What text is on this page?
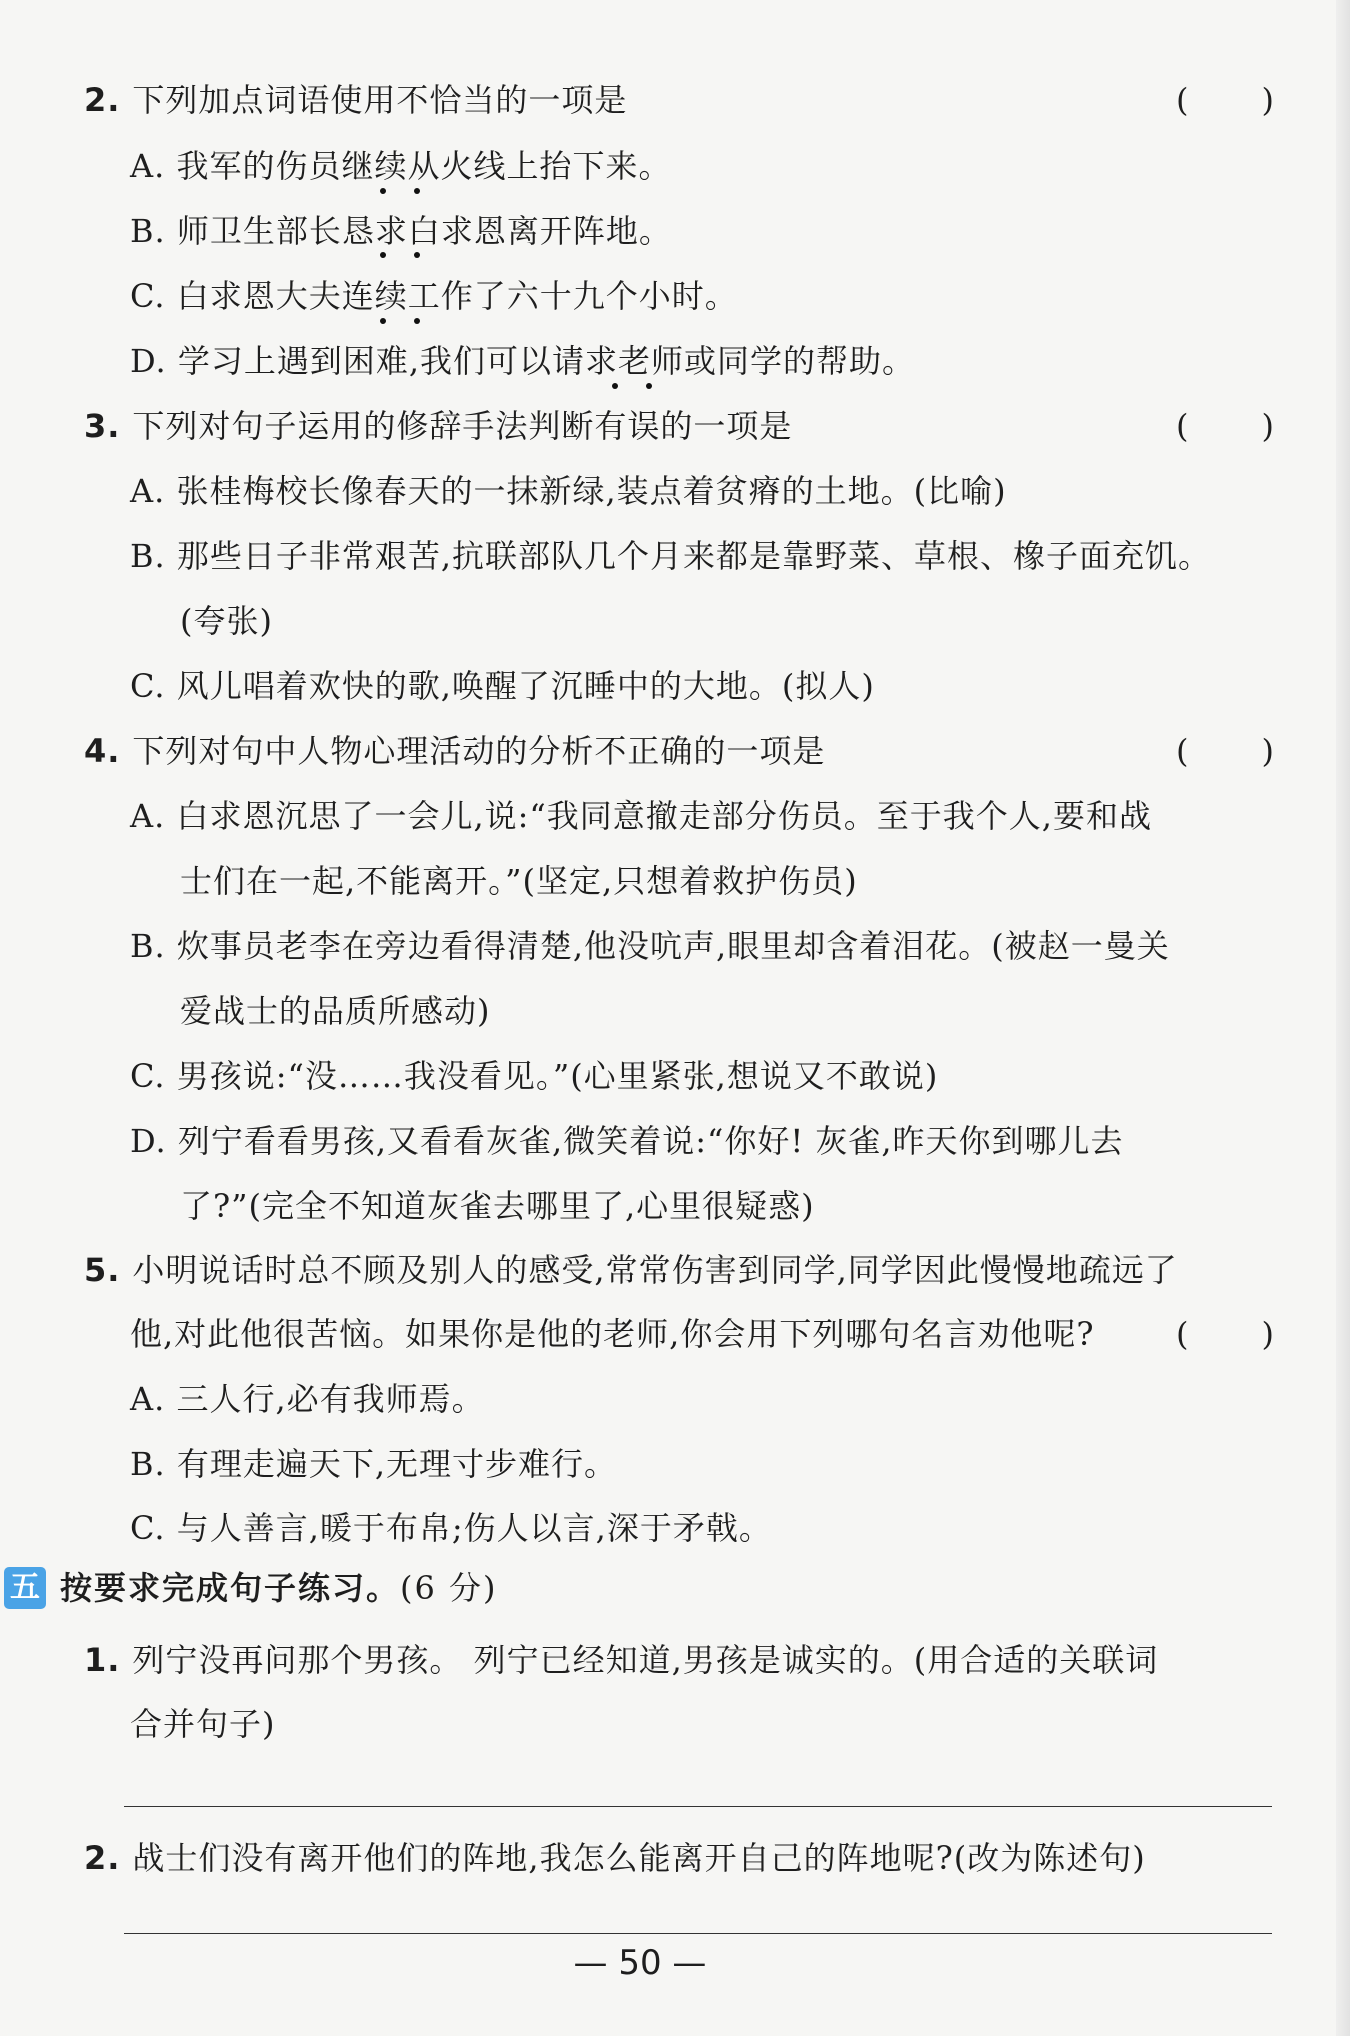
2. 下列加点词语使用不恰当的一项是	( )
A. 我军的伤员继续从火线上抬下来。
B. 师卫生部长恳求白求恩离开阵地。
C. 白求恩大夫连续工作了六十九个小时。
D. 学习上遇到困难,我们可以请求老师或同学的帮助。
3. 下列对句子运用的修辞手法判断有误的一项是	( )
A. 张桂梅校长像春天的一抹新绿,装点着贫瘠的土地。(比喻)
B. 那些日子非常艰苦,抗联部队几个月来都是靠野菜、草根、橡子面充饥。
(夸张)
C. 风儿唱着欢快的歌,唤醒了沉睡中的大地。(拟人)
4. 下列对句中人物心理活动的分析不正确的一项是	( )
A. 白求恩沉思了一会儿,说:“我同意撤走部分伤员。至于我个人,要和战
士们在一起,不能离开。”(坚定,只想着救护伤员)
B. 炊事员老李在旁边看得清楚,他没吭声,眼里却含着泪花。(被赵一曼关
爱战士的品质所感动)
C. 男孩说:“没……我没看见。”(心里紧张,想说又不敢说)
D. 列宁看看男孩,又看看灰雀,微笑着说:“你好! 灰雀,昨天你到哪儿去
了?”(完全不知道灰雀去哪里了,心里很疑惑)
5. 小明说话时总不顾及别人的感受,常常伤害到同学,同学因此慢慢地疏远了
他,对此他很苦恼。如果你是他的老师,你会用下列哪句名言劝他呢?	( )
A. 三人行,必有我师焉。
B. 有理走遍天下,无理寸步难行。
C. 与人善言,暖于布帛;伤人以言,深于矛戟。
五 按要求完成句子练习。(6 分)
1. 列宁没再问那个男孩。 列宁已经知道,男孩是诚实的。(用合适的关联词
合并句子)
2. 战士们没有离开他们的阵地,我怎么能离开自己的阵地呢?(改为陈述句)
— 50 —
